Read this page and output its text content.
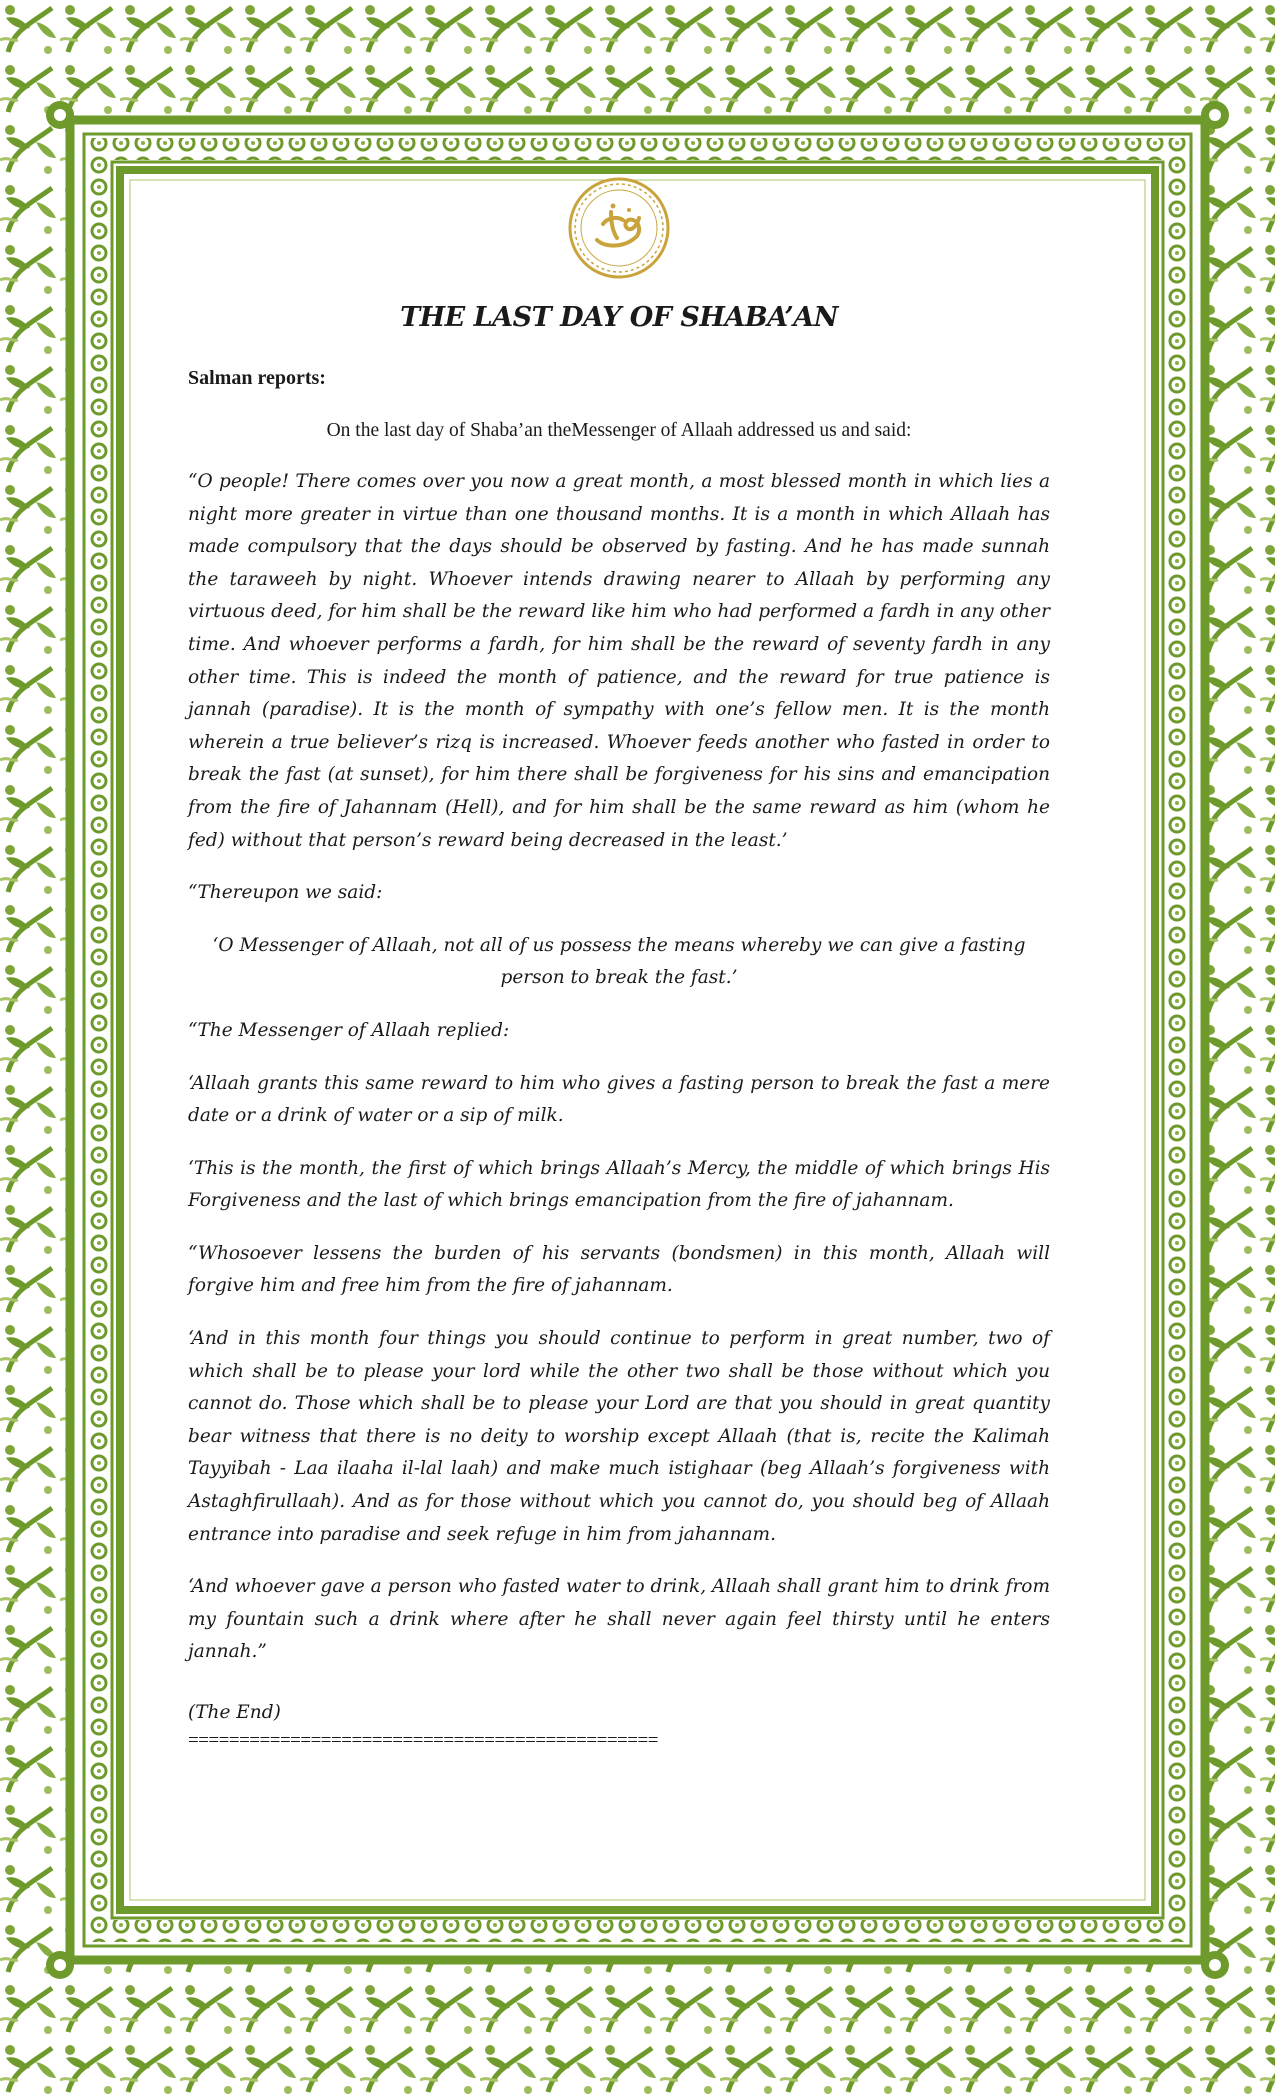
THE LAST DAY OF SHABA’AN
Salman reports:
On the last day of Shaba’an theMessenger of Allaah addressed us and said:

“O people! There comes over you now a great month, a most blessed month in which lies a night more greater in virtue than one thousand months. It is a month in which Allaah has made compulsory that the days should be observed by fasting. And he has made sunnah the taraweeh by night. Whoever intends drawing nearer to Allaah by performing any virtuous deed, for him shall be the reward like him who had performed a fardh in any other time. And whoever performs a fardh, for him shall be the reward of seventy fardh in any other time. This is indeed the month of patience, and the reward for true patience is jannah (paradise). It is the month of sympathy with one’s fellow men. It is the month wherein a true believer’s rizq is increased. Whoever feeds another who fasted in order to break the fast (at sunset), for him there shall be forgiveness for his sins and emancipation from the fire of Jahannam (Hell), and for him shall be the same reward as him (whom he fed) without that person’s reward being decreased in the least.’

“Thereupon we said:

‘O Messenger of Allaah, not all of us possess the means whereby we can give a fasting person to break the fast.’

“The Messenger of Allaah replied:

‘Allaah grants this same reward to him who gives a fasting person to break the fast a mere date or a drink of water or a sip of milk.

‘This is the month, the first of which brings Allaah’s Mercy, the middle of which brings His Forgiveness and the last of which brings emancipation from the fire of jahannam.

“Whosoever lessens the burden of his servants (bondsmen) in this month, Allaah will forgive him and free him from the fire of jahannam.

‘And in this month four things you should continue to perform in great number, two of which shall be to please your lord while the other two shall be those without which you cannot do. Those which shall be to please your Lord are that you should in great quantity bear witness that there is no deity to worship except Allaah (that is, recite the Kalimah Tayyibah - Laa ilaaha il-lal laah) and make much istighaar (beg Allaah’s forgiveness with Astaghfirullaah). And as for those without which you cannot do, you should beg of Allaah entrance into paradise and seek refuge in him from jahannam.

‘And whoever gave a person who fasted water to drink, Allaah shall grant him to drink from my fountain such a drink where after he shall never again feel thirsty until he enters jannah.”

(The End)

==============================================
